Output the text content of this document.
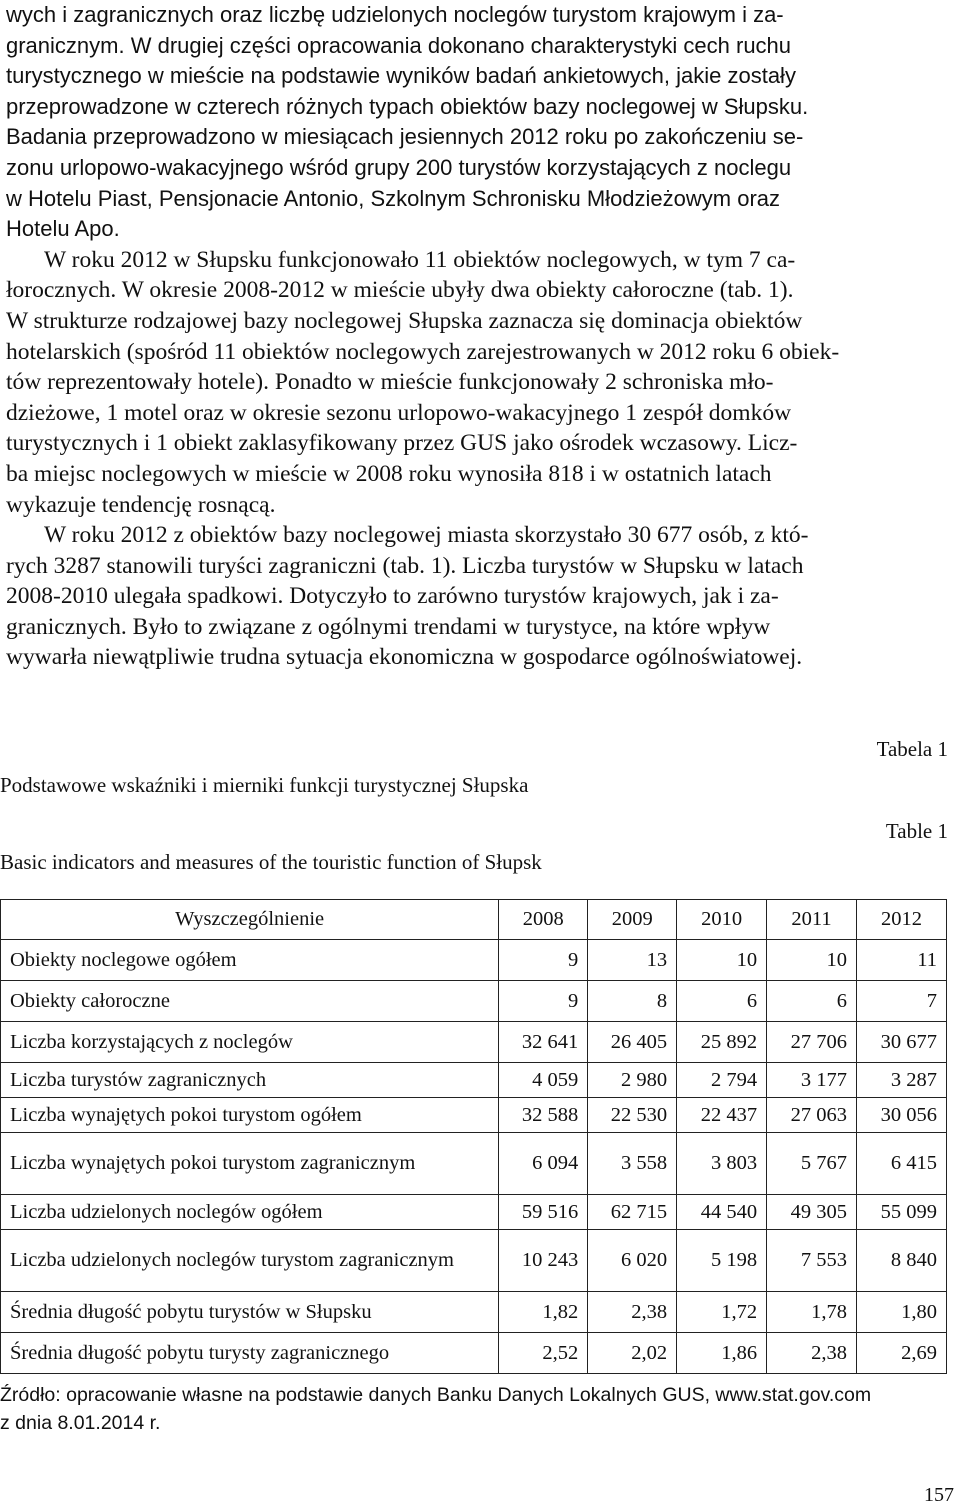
wych i zagranicznych oraz liczbę udzielonych noclegów turystom krajowym i za-
granicznym. W drugiej części opracowania dokonano charakterystyki cech ruchu
turystycznego w mieście na podstawie wyników badań ankietowych, jakie zostały
przeprowadzone w czterech różnych typach obiektów bazy noclegowej w Słupsku.
Badania przeprowadzono w miesiącach jesiennych 2012 roku po zakończeniu se-
zonu urlopowo-wakacyjnego wśród grupy 200 turystów korzystających z noclegu
w Hotelu Piast, Pensjonacie Antonio, Szkolnym Schronisku Młodzieżowym oraz
Hotelu Apo.

W roku 2012 w Słupsku funkcjonowało 11 obiektów noclegowych, w tym 7 ca-
łorocznych. W okresie 2008-2012 w mieście ubyły dwa obiekty całoroczne (tab. 1).
W strukturze rodzajowej bazy noclegowej Słupska zaznacza się dominacja obiektów
hotelarskich (spośród 11 obiektów noclegowych zarejestrowanych w 2012 roku 6 obiek-
tów reprezentowały hotele). Ponadto w mieście funkcjonowały 2 schroniska mło-
dzieżowe, 1 motel oraz w okresie sezonu urlopowo-wakacyjnego 1 zespół domków
turystycznych i 1 obiekt zaklasyfikowany przez GUS jako ośrodek wczasowy. Licz-
ba miejsc noclegowych w mieście w 2008 roku wynosiła 818 i w ostatnich latach
wykazuje tendencję rosnącą.

W roku 2012 z obiektów bazy noclegowej miasta skorzystało 30 677 osób, z któ-
rych 3287 stanowili turyści zagraniczni (tab. 1). Liczba turystów w Słupsku w latach
2008-2010 ulegała spadkowi. Dotyczyło to zarówno turystów krajowych, jak i za-
granicznych. Było to związane z ogólnymi trendami w turystyce, na które wpływ
wywarła niewątpliwie trudna sytuacja ekonomiczna w gospodarce ogólnoświatowej.

Tabela 1
Podstawowe wskaźniki i mierniki funkcji turystycznej Słupska
Table 1
Basic indicators and measures of the touristic function of Słupsk
Wyszczególnienie	2008	2009	2010	2011	2012
Obiekty noclegowe ogółem	9	13	10	10	11
Obiekty całoroczne	9	8	6	6	7
Liczba korzystających z noclegów	32 641	26 405	25 892	27 706	30 677
Liczba turystów zagranicznych	4 059	2 980	2 794	3 177	3 287
Liczba wynajętych pokoi turystom ogółem	32 588	22 530	22 437	27 063	30 056
Liczba wynajętych pokoi turystom zagranicznym	6 094	3 558	3 803	5 767	6 415
Liczba udzielonych noclegów ogółem	59 516	62 715	44 540	49 305	55 099
Liczba udzielonych noclegów turystom zagranicznym	10 243	6 020	5 198	7 553	8 840
Średnia długość pobytu turystów w Słupsku	1,82	2,38	1,72	1,78	1,80
Średnia długość pobytu turysty zagranicznego	2,52	2,02	1,86	2,38	2,69
Źródło: opracowanie własne na podstawie danych Banku Danych Lokalnych GUS, www.stat.gov.com
z dnia 8.01.2014 r.
157
